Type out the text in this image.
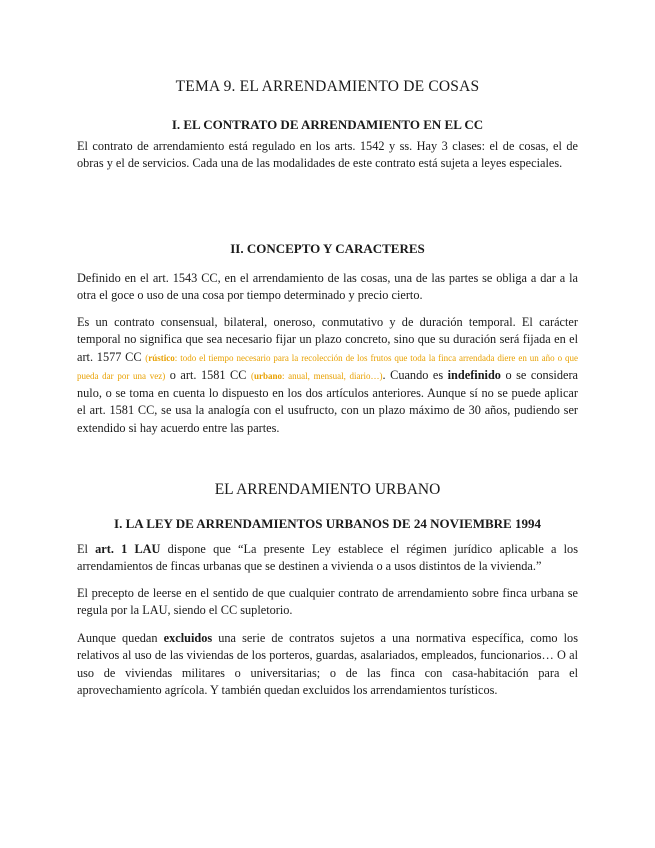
TEMA 9. EL ARRENDAMIENTO DE COSAS
I. EL CONTRATO DE ARRENDAMIENTO EN EL CC

El contrato de arrendamiento está regulado en los arts. 1542 y ss. Hay 3 clases: el de cosas, el de obras y el de servicios. Cada una de las modalidades de este contrato está sujeta a leyes especiales.

II. CONCEPTO Y CARACTERES

Definido en el art. 1543 CC, en el arrendamiento de las cosas, una de las partes se obliga a dar a la otra el goce o uso de una cosa por tiempo determinado y precio cierto.

Es un contrato consensual, bilateral, oneroso, conmutativo y de duración temporal. El carácter temporal no significa que sea necesario fijar un plazo concreto, sino que su duración será fijada en el art. 1577 CC (rústico: todo el tiempo necesario para la recolección de los frutos que toda la finca arrendada diere en un año o que pueda dar por una vez) o art. 1581 CC (urbano: anual, mensual, diario…). Cuando es indefinido o se considera nulo, o se toma en cuenta lo dispuesto en los dos artículos anteriores. Aunque sí no se puede aplicar el art. 1581 CC, se usa la analogía con el usufructo, con un plazo máximo de 30 años, pudiendo ser extendido si hay acuerdo entre las partes.

EL ARRENDAMIENTO URBANO
I. LA LEY DE ARRENDAMIENTOS URBANOS DE 24 NOVIEMBRE 1994

El art. 1 LAU dispone que “La presente Ley establece el régimen jurídico aplicable a los arrendamientos de fincas urbanas que se destinen a vivienda o a usos distintos de la vivienda.”

El precepto de leerse en el sentido de que cualquier contrato de arrendamiento sobre finca urbana se regula por la LAU, siendo el CC supletorio.

Aunque quedan excluidos una serie de contratos sujetos a una normativa específica, como los relativos al uso de las viviendas de los porteros, guardas, asalariados, empleados, funcionarios… O al uso de viviendas militares o universitarias; o de las finca con casa-habitación para el aprovechamiento agrícola. Y también quedan excluidos los arrendamientos turísticos.
